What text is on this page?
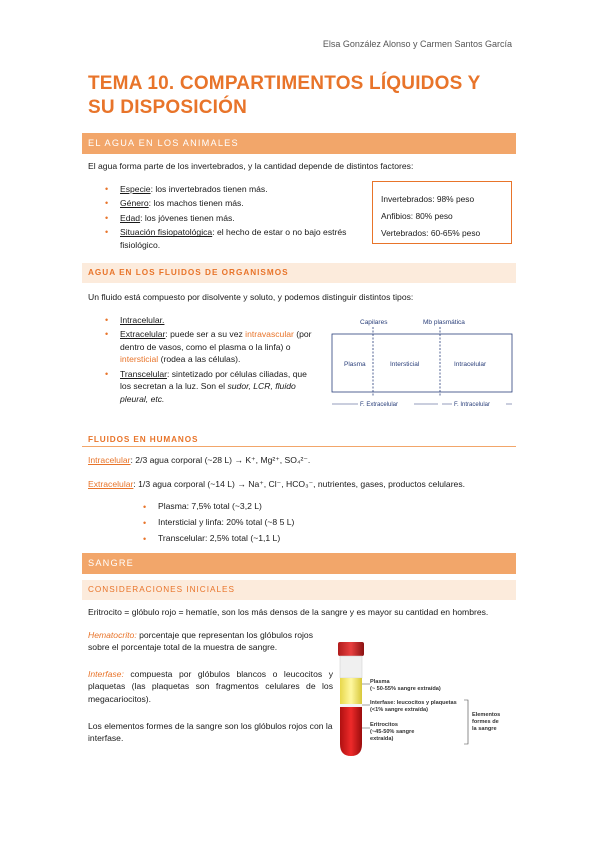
Elsa González Alonso y Carmen Santos García
TEMA 10. COMPARTIMENTOS LÍQUIDOS Y SU DISPOSICIÓN
EL AGUA EN LOS ANIMALES
El agua forma parte de los invertebrados, y la cantidad depende de distintos factores:
• Especie: los invertebrados tienen más.
• Género: los machos tienen más.
• Edad: los jóvenes tienen más.
• Situación fisiopatológica: el hecho de estar o no bajo estrés fisiológico.
Invertebrados: 98% peso
Anfibios: 80% peso
Vertebrados: 60-65% peso
AGUA EN LOS FLUIDOS DE ORGANISMOS
Un fluido está compuesto por disolvente y soluto, y podemos distinguir distintos tipos:
• Intracelular.
• Extracelular: puede ser a su vez intravascular (por dentro de vasos, como el plasma o la linfa) o intersticial (rodea a las células).
• Transcelular: sintetizado por células ciliadas, que los secretan a la luz. Son el sudor, LCR, fluido pleural, etc.
Capilares	Mb plasmática
Plasma	Intersticial	Intracelular
F. Extracelular	F. Intracelular
FLUIDOS EN HUMANOS
Intracelular: 2/3 agua corporal (~28 L) → K⁺, Mg²⁺, SO₄²⁻.
Extracelular: 1/3 agua corporal (~14 L) → Na⁺, Cl⁻, HCO₃⁻, nutrientes, gases, productos celulares.
• Plasma: 7,5% total (~3,2 L)
• Intersticial y linfa: 20% total (~8 5 L)
• Transcelular: 2,5% total (~1,1 L)
SANGRE
CONSIDERACIONES INICIALES
Eritrocito = glóbulo rojo = hematíe, son los más densos de la sangre y es mayor su cantidad en hombres.
Hematocrito: porcentaje que representan los glóbulos rojos sobre el porcentaje total de la muestra de sangre.
Interfase: compuesta por glóbulos blancos o leucocitos y plaquetas (las plaquetas son fragmentos celulares de los megacariocitos).
Los elementos formes de la sangre son los glóbulos rojos con la interfase.
Plasma
(~ 50-55% sangre extraída)
Interfase: leucocitos y plaquetas
(<1% sangre extraída)
Eritrocitos
(~45-50% sangre
extraída)
Elementos
formes de
la sangre
